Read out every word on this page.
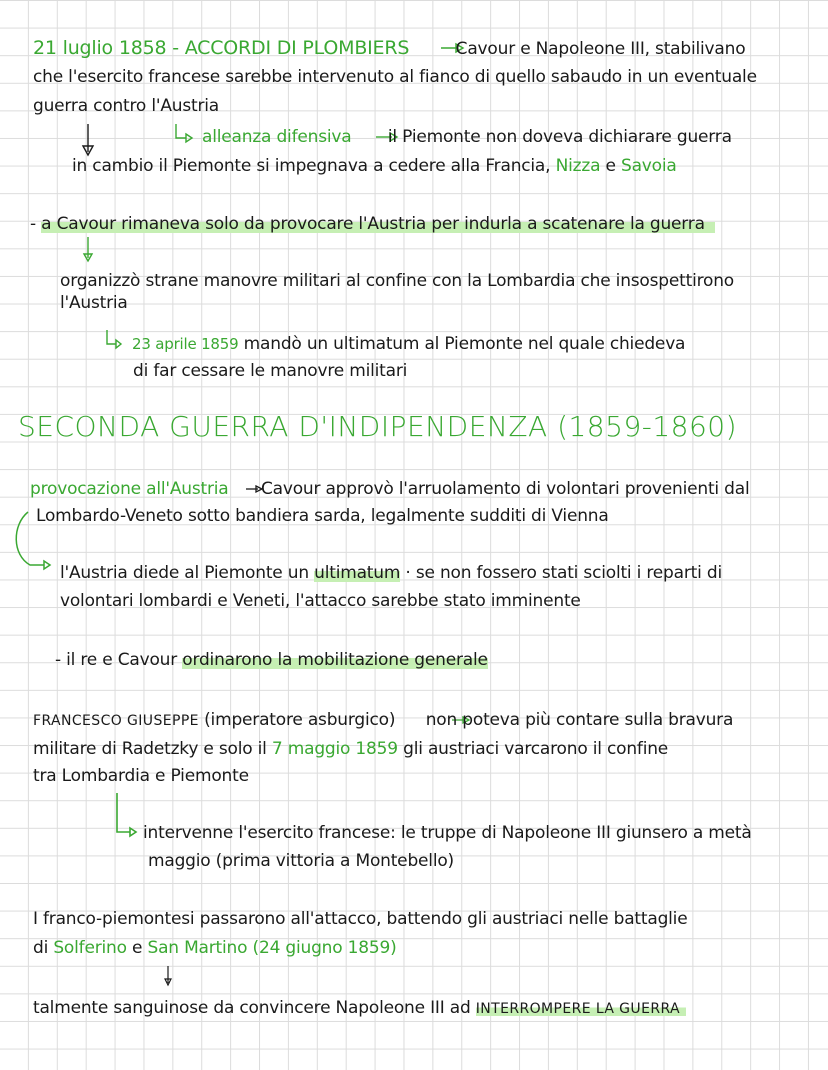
21 luglio 1858 - ACCORDI DI PLOMBIERS	Cavour e Napoleone III, stabilivano
che l'esercito francese sarebbe intervenuto al fianco di quello sabaudo in un eventuale
guerra contro l'Austria
alleanza difensiva il Piemonte non doveva dichiarare guerra
in cambio il Piemonte si impegnava a cedere alla Francia, Nizza e Savoia
- a Cavour rimaneva solo da provocare l'Austria per indurla a scatenare la guerra
organizzò strane manovre militari al confine con la Lombardia che insospettirono
l'Austria
23 aprile 1859 mandò un ultimatum al Piemonte nel quale chiedeva
di far cessare le manovre militari
SECONDA GUERRA D'INDIPENDENZA (1859-1860)
provocazione all'Austria Cavour approvò l'arruolamento di volontari provenienti dal
Lombardo-Veneto sotto bandiera sarda, legalmente sudditi di Vienna
l'Austria diede al Piemonte un ultimatum · se non fossero stati sciolti i reparti di
volontari lombardi e Veneti, l'attacco sarebbe stato imminente
- il re e Cavour ordinarono la mobilitazione generale
FRANCESCO GIUSEPPE (imperatore asburgico) non poteva più contare sulla bravura
militare di Radetzky e solo il 7 maggio 1859 gli austriaci varcarono il confine
tra Lombardia e Piemonte
intervenne l'esercito francese: le truppe di Napoleone III giunsero a metà
maggio (prima vittoria a Montebello)
I franco-piemontesi passarono all'attacco, battendo gli austriaci nelle battaglie
di Solferino e San Martino (24 giugno 1859)
talmente sanguinose da convincere Napoleone III ad INTERROMPERE LA GUERRA
